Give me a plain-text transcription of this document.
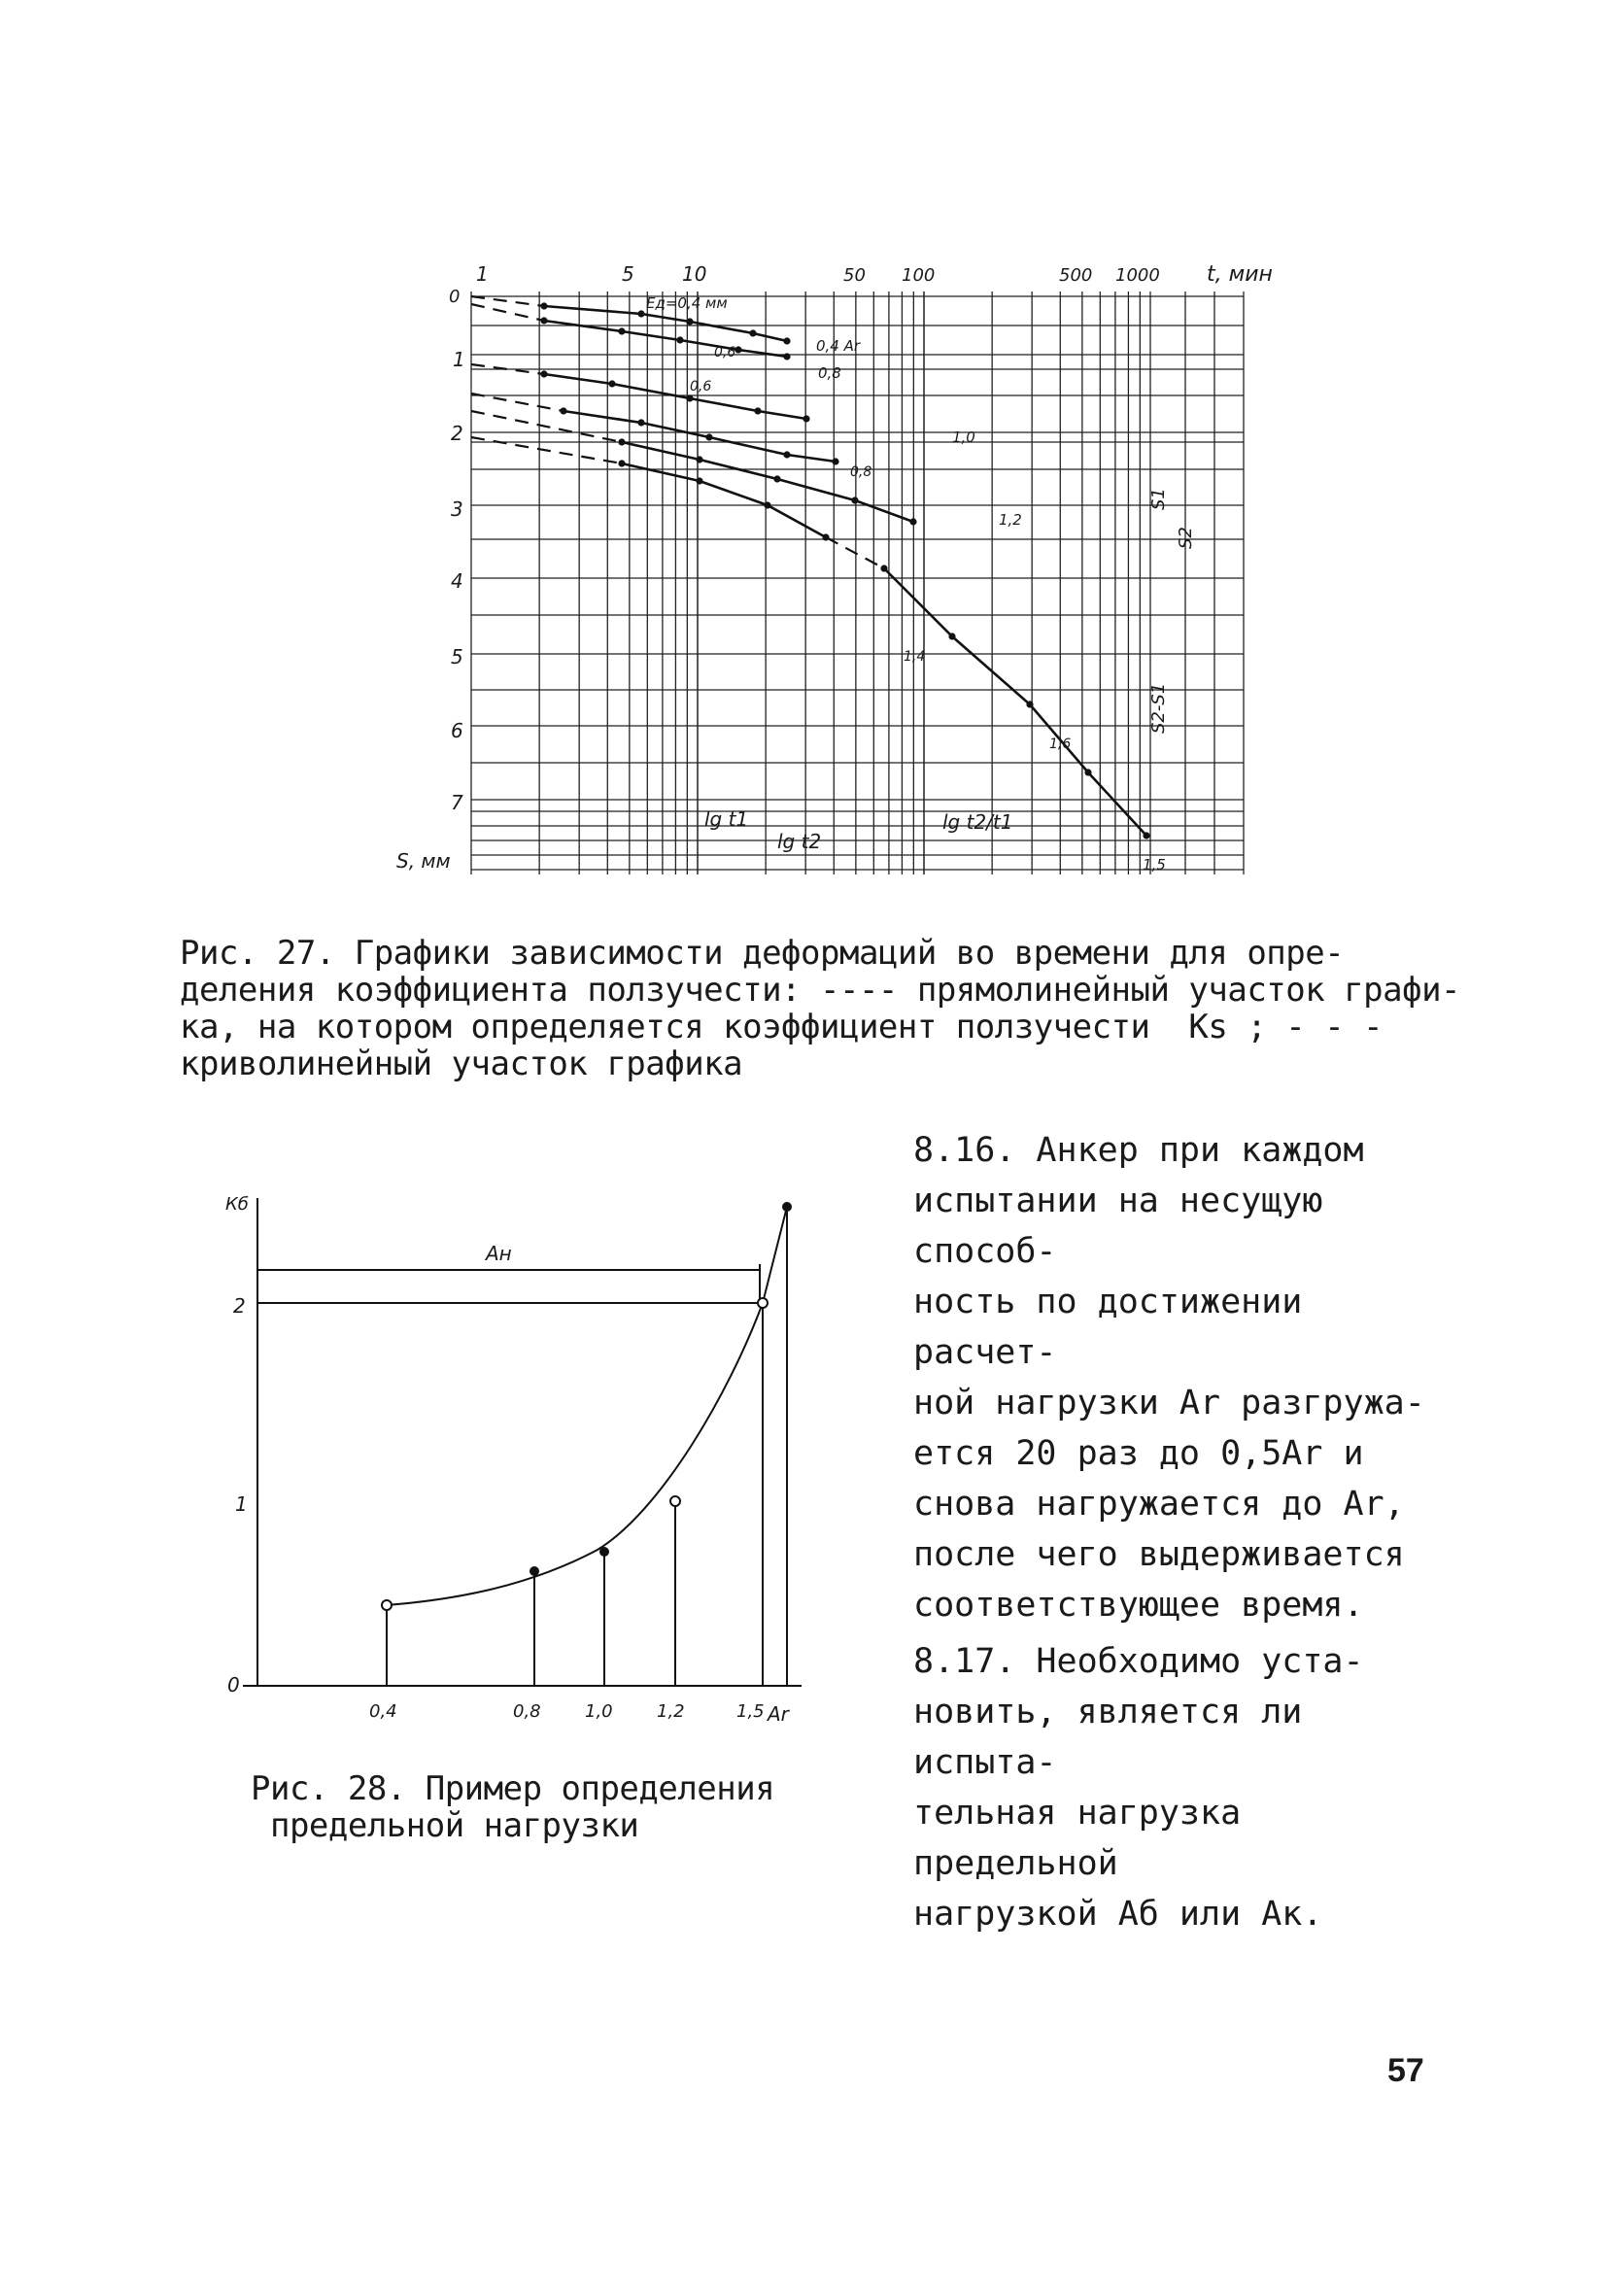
1	5 10	50 100	500 1000 t, мин
0
1
2
3
4
5
6
7
S, мм
Ед=0,4 мм
0,4 Ar
0,6
0,8
0,6
1,0
0,8
1,2
1,4
1,6
1,5
lg t1
lg t2
lg t2/t1
S1
S2
S2-S1

Рис. 27. Графики зависимости деформаций во времени для опре-
деления коэффициента ползучести: ---- прямолинейный участок графи-
ка, на котором определяется коэффициент ползучести  Ks ; - - -
криволинейный участок графика

Кб
2
1
0
Ан
0,4	0,8	1,0	1,2	1,5 Ar

Рис. 28. Пример определения
предельной нагрузки

8.16. Анкер при каждом
испытании на несущую способ-
ность по достижении расчет-
ной нагрузки Ar разгружа-
ется 20 раз до 0,5Ar и
снова нагружается до Ar,
после чего выдерживается
соответствующее время.

8.17. Необходимо уста-
новить, является ли испыта-
тельная нагрузка предельной
нагрузкой Аб или Ак.

57
